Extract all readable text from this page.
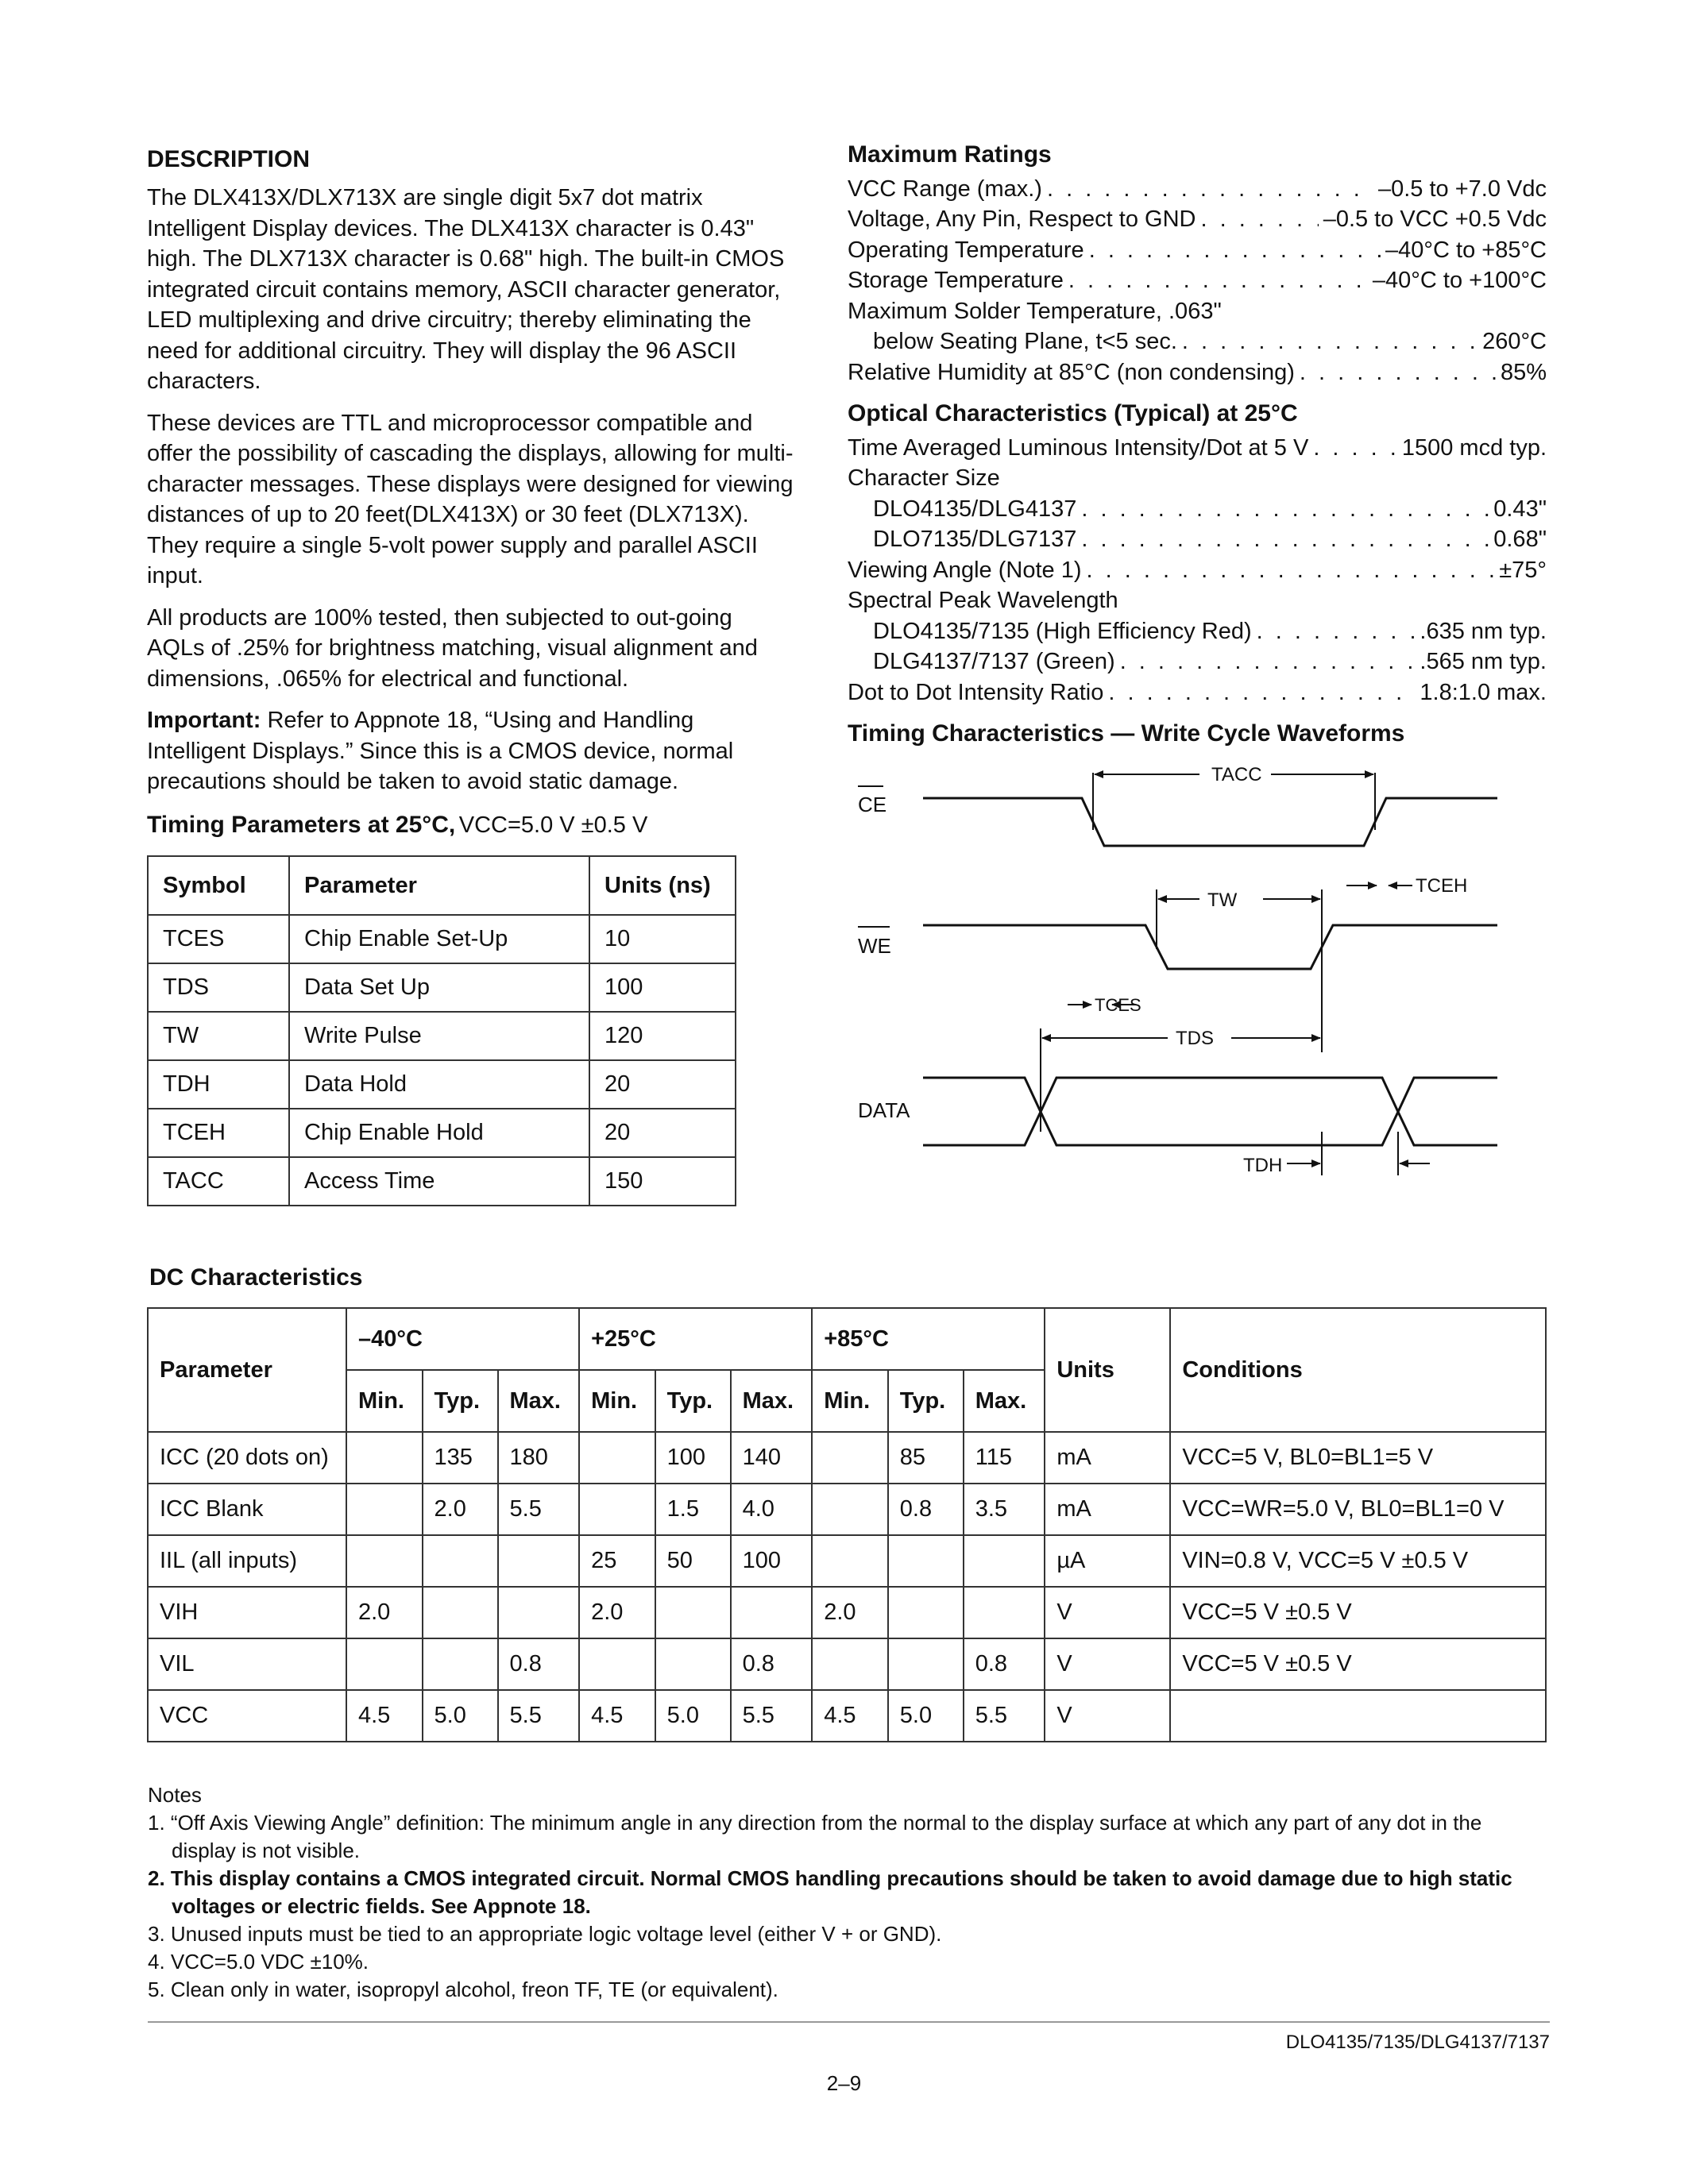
DESCRIPTION

The DLX413X/DLX713X are single digit 5x7 dot matrix Intelligent Display devices. The DLX413X character is 0.43" high. The DLX713X character is 0.68" high. The built-in CMOS integrated circuit contains memory, ASCII character generator, LED multiplexing and drive circuitry; thereby eliminating the need for additional circuitry. They will display the 96 ASCII characters.

These devices are TTL and microprocessor compatible and offer the possibility of cascading the displays, allowing for multi-character messages. These displays were designed for viewing distances of up to 20 feet(DLX413X) or 30 feet (DLX713X). They require a single 5-volt power supply and parallel ASCII input.

All products are 100% tested, then subjected to out-going AQLs of .25% for brightness matching, visual alignment and dimensions, .065% for electrical and functional.

Important: Refer to Appnote 18, “Using and Handling Intelligent Displays.” Since this is a CMOS device, normal precautions should be taken to avoid static damage.

Timing Parameters at 25°C, VCC=5.0 V ±0.5 V
Symbol	Parameter	Units (ns)
TCES	Chip Enable Set-Up	10
TDS	Data Set Up	100
TW	Write Pulse	120
TDH	Data Hold	20
TCEH	Chip Enable Hold	20
TACC	Access Time	150
Maximum Ratings
VCC Range (max.) . . .	–0.5 to +7.0 Vdc
Voltage, Any Pin, Respect to GND . . .	–0.5 to VCC +0.5 Vdc
Operating Temperature . . .	–40°C to +85°C
Storage Temperature . . .	–40°C to +100°C
Maximum Solder Temperature, .063"
below Seating Plane, t<5 sec. . . .	260°C
Relative Humidity at 85°C (non condensing) . . .	85%
Optical Characteristics (Typical) at 25°C
Time Averaged Luminous Intensity/Dot at 5 V . . .	1500 mcd typ.
Character Size
DLO4135/DLG4137 . . .	0.43"
DLO7135/DLG7137 . . .	0.68"
Viewing Angle (Note 1) . . .	±75°
Spectral Peak Wavelength
DLO4135/7135 (High Efficiency Red) . . .	.635 nm typ.
DLG4137/7137 (Green) . . .	.565 nm typ.
Dot to Dot Intensity Ratio . . .	1.8:1.0 max.
Timing Characteristics — Write Cycle Waveforms
CE
WE
DATA
TACC
TCEH
TW
TCES
TDS
TDH
DC Characteristics
Parameter	–40°C			+25°C			+85°C			Units	Conditions
	Min.	Typ.	Max.	Min.	Typ.	Max.	Min.	Typ.	Max.		
ICC (20 dots on)		135	180		100	140		85	115	mA	VCC=5 V, BL0=BL1=5 V
ICC Blank		2.0	5.5		1.5	4.0		0.8	3.5	mA	VCC=WR=5.0 V, BL0=BL1=0 V
IIL (all inputs)				25	50	100				µA	VIN=0.8 V, VCC=5 V ±0.5 V
VIH	2.0			2.0			2.0			V	VCC=5 V ±0.5 V
VIL			0.8			0.8			0.8	V	VCC=5 V ±0.5 V
VCC	4.5	5.0	5.5	4.5	5.0	5.5	4.5	5.0	5.5	V	
Notes
1. “Off Axis Viewing Angle” definition: The minimum angle in any direction from the normal to the display surface at which any part of any dot in the display is not visible.
2. This display contains a CMOS integrated circuit. Normal CMOS handling precautions should be taken to avoid damage due to high static voltages or electric fields. See Appnote 18.
3. Unused inputs must be tied to an appropriate logic voltage level (either V + or GND).
4. VCC=5.0 VDC ±10%.
5. Clean only in water, isopropyl alcohol, freon TF, TE (or equivalent).
DLO4135/7135/DLG4137/7137
2–9
